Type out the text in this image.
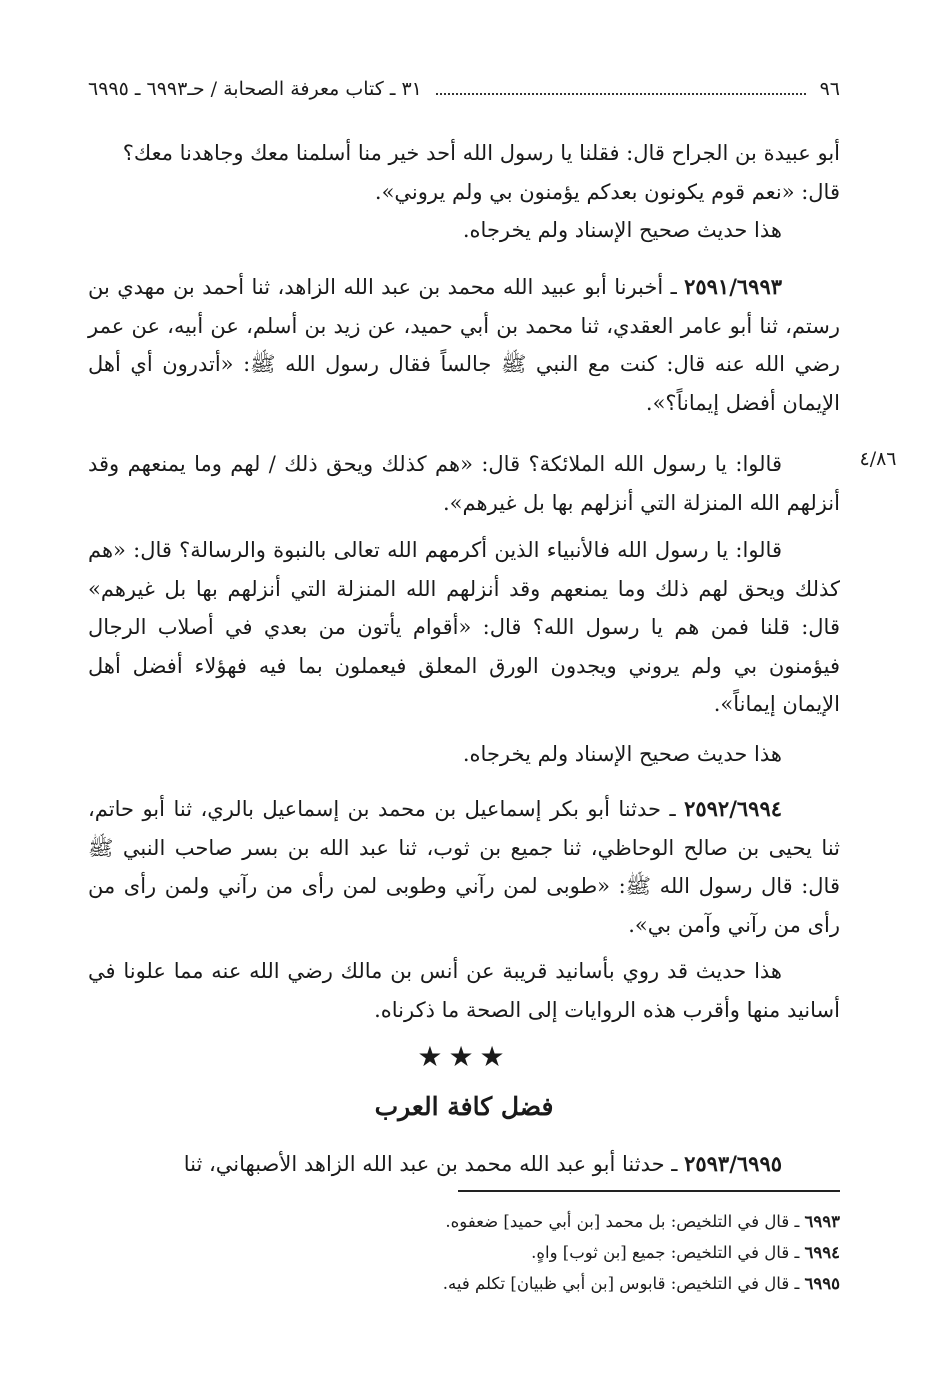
٩٦
٣١ ـ كتاب معرفة الصحابة / حـ٦٩٩٣ ـ ٦٩٩٥
٤/٨٦

أبو عبيدة بن الجراح قال: فقلنا يا رسول الله أحد خير منا أسلمنا معك وجاهدنا معك؟

قال: «نعم قوم يكونون بعدكم يؤمنون بي ولم يروني».

هذا حديث صحيح الإسناد ولم يخرجاه.

٢٥٩١/٦٩٩٣ ـ أخبرنا أبو عبيد الله محمد بن عبد الله الزاهد، ثنا أحمد بن مهدي بن رستم، ثنا أبو عامر العقدي، ثنا محمد بن أبي حميد، عن زيد بن أسلم، عن أبيه، عن عمر رضي الله عنه قال: كنت مع النبي ﷺ جالساً فقال رسول الله ﷺ: «أتدرون أي أهل الإيمان أفضل إيماناً؟».

قالوا: يا رسول الله الملائكة؟ قال: «هم كذلك ويحق ذلك / لهم وما يمنعهم وقد أنزلهم الله المنزلة التي أنزلهم بها بل غيرهم».

قالوا: يا رسول الله فالأنبياء الذين أكرمهم الله تعالى بالنبوة والرسالة؟ قال: «هم كذلك ويحق لهم ذلك وما يمنعهم وقد أنزلهم الله المنزلة التي أنزلهم بها بل غيرهم» قال: قلنا فمن هم يا رسول الله؟ قال: «أقوام يأتون من بعدي في أصلاب الرجال فيؤمنون بي ولم يروني ويجدون الورق المعلق فيعملون بما فيه فهؤلاء أفضل أهل الإيمان إيماناً».

هذا حديث صحيح الإسناد ولم يخرجاه.

٢٥٩٢/٦٩٩٤ ـ حدثنا أبو بكر إسماعيل بن محمد بن إسماعيل بالري، ثنا أبو حاتم، ثنا يحيى بن صالح الوحاظي، ثنا جميع بن ثوب، ثنا عبد الله بن بسر صاحب النبي ﷺ قال: قال رسول الله ﷺ: «طوبى لمن رآني وطوبى لمن رأى من رآني ولمن رأى من رأى من رآني وآمن بي».

هذا حديث قد روي بأسانيد قريبة عن أنس بن مالك رضي الله عنه مما علونا في أسانيد منها وأقرب هذه الروايات إلى الصحة ما ذكرناه.

★★★
فضل كافة العرب

٢٥٩٣/٦٩٩٥ ـ حدثنا أبو عبد الله محمد بن عبد الله الزاهد الأصبهاني، ثنا

٦٩٩٣ ـ قال في التلخيص: بل محمد [بن أبي حميد] ضعفوه.

٦٩٩٤ ـ قال في التلخيص: جميع [بن ثوب] واهٍ.

٦٩٩٥ ـ قال في التلخيص: قابوس [بن أبي ظبيان] تكلم فيه.
